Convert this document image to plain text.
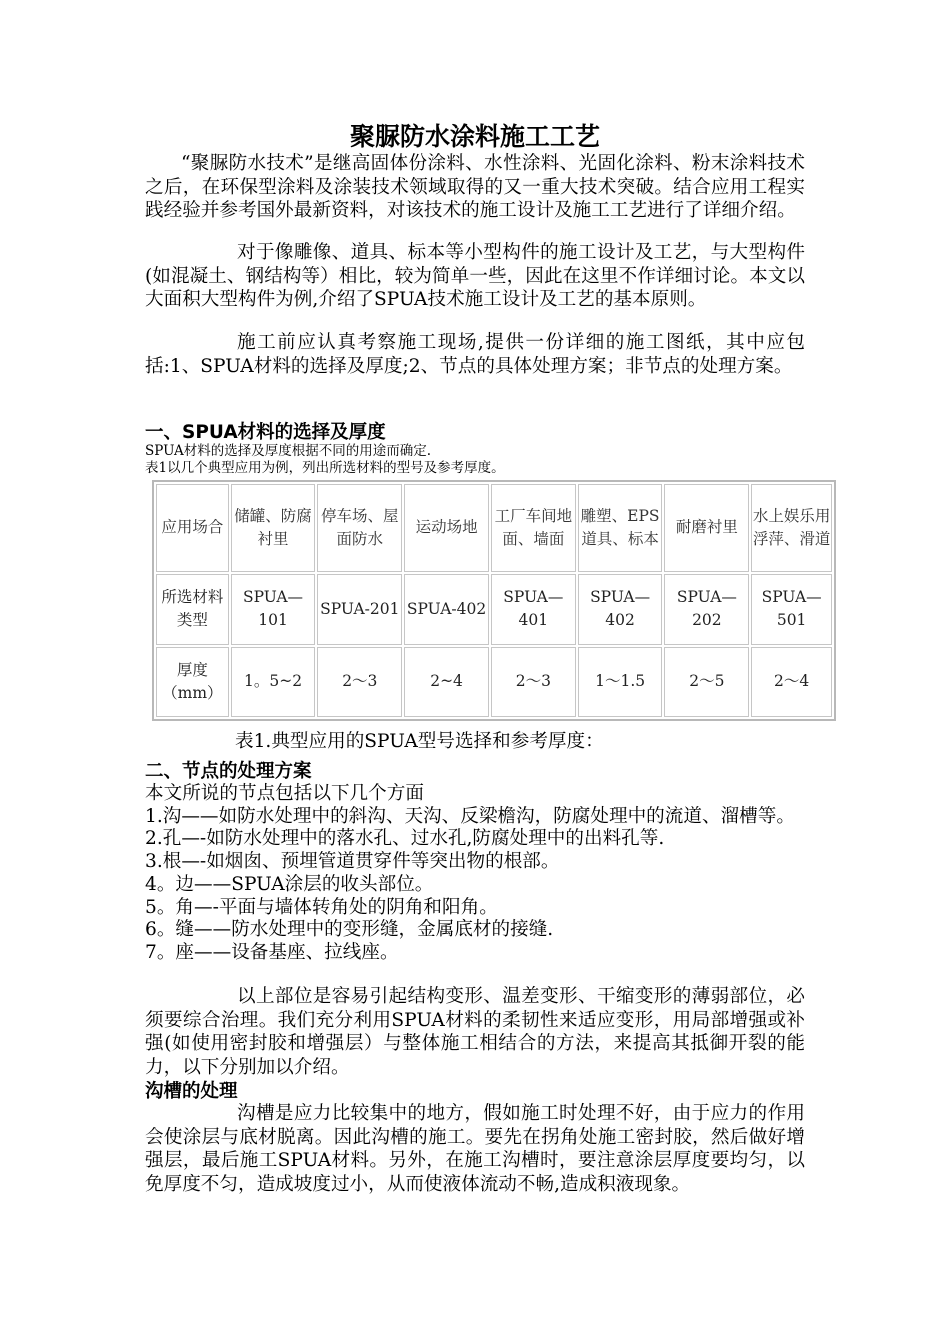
聚脲防水涂料施工工艺

“聚脲防水技术”是继高固体份涂料、水性涂料、光固化涂料、粉末涂料技术之后，在环保型涂料及涂装技术领域取得的又一重大技术突破。结合应用工程实践经验并参考国外最新资料，对该技术的施工设计及施工工艺进行了详细介绍。

对于像雕像、道具、标本等小型构件的施工设计及工艺，与大型构件(如混凝土、钢结构等）相比，较为简单一些，因此在这里不作详细讨论。本文以大面积大型构件为例,介绍了SPUA技术施工设计及工艺的基本原则。

施工前应认真考察施工现场,提供一份详细的施工图纸，其中应包括:1、SPUA材料的选择及厚度;2、节点的具体处理方案；非节点的处理方案。

一、SPUA材料的选择及厚度

SPUA材料的选择及厚度根据不同的用途而确定.

表1以几个典型应用为例，列出所选材料的型号及参考厚度。

应用场合	储罐、防腐衬里	停车场、屋面防水	运动场地	工厂车间地面、墙面	雕塑、EPS道具、标本	耐磨衬里	水上娱乐用浮萍、滑道
所选材料类型	SPUA—101	SPUA-201	SPUA-402	SPUA—401	SPUA—402	SPUA—202	SPUA—501
厚度（mm）	1。5~2	2～3	2~4	2～3	1～1.5	2～5	2～4

表1.典型应用的SPUA型号选择和参考厚度：

二、节点的处理方案
本文所说的节点包括以下几个方面
1.沟——如防水处理中的斜沟、天沟、反梁檐沟，防腐处理中的流道、溜槽等。
2.孔—-如防水处理中的落水孔、过水孔,防腐处理中的出料孔等.
3.根—-如烟囱、预埋管道贯穿件等突出物的根部。
4。边——SPUA涂层的收头部位。
5。角—-平面与墙体转角处的阴角和阳角。
6。缝——防水处理中的变形缝，金属底材的接缝.
7。座——设备基座、拉线座。

以上部位是容易引起结构变形、温差变形、干缩变形的薄弱部位，必须要综合治理。我们充分利用SPUA材料的柔韧性来适应变形，用局部增强或补强(如使用密封胶和增强层）与整体施工相结合的方法，来提高其抵御开裂的能力，以下分别加以介绍。

沟槽的处理

沟槽是应力比较集中的地方，假如施工时处理不好，由于应力的作用会使涂层与底材脱离。因此沟槽的施工。要先在拐角处施工密封胶，然后做好增强层，最后施工SPUA材料。另外，在施工沟槽时，要注意涂层厚度要均匀，以免厚度不匀，造成坡度过小，从而使液体流动不畅,造成积液现象。
